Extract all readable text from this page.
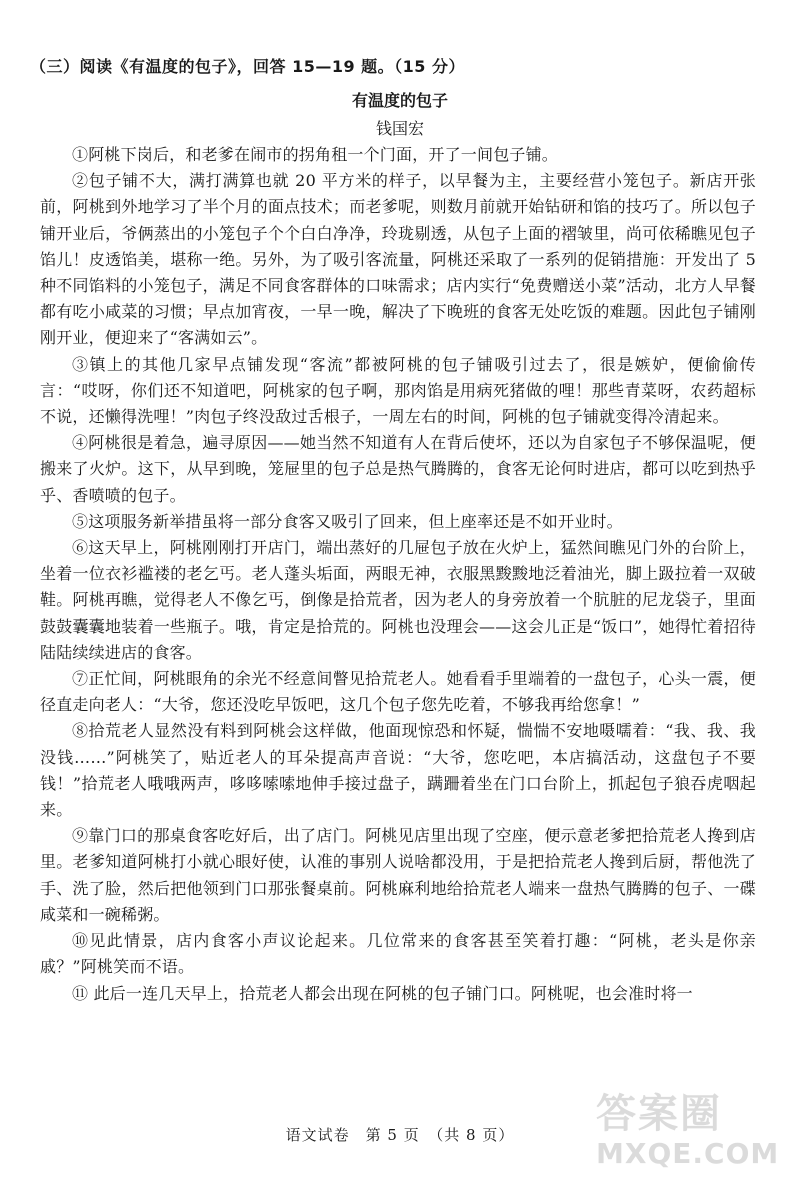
（三）阅读《有温度的包子》，回答 15—19 题。（15 分）
有温度的包子
钱国宏

①阿桃下岗后，和老爹在闹市的拐角租一个门面，开了一间包子铺。

②包子铺不大，满打满算也就 20 平方米的样子，以早餐为主，主要经营小笼包子。新店开张前，阿桃到外地学习了半个月的面点技术；而老爹呢，则数月前就开始钻研和馅的技巧了。所以包子铺开业后，爷俩蒸出的小笼包子个个白白净净，玲珑剔透，从包子上面的褶皱里，尚可依稀瞧见包子馅儿！皮透馅美，堪称一绝。另外，为了吸引客流量，阿桃还采取了一系列的促销措施：开发出了 5 种不同馅料的小笼包子，满足不同食客群体的口味需求；店内实行“免费赠送小菜”活动，北方人早餐都有吃小咸菜的习惯；早点加宵夜，一早一晚，解决了下晚班的食客无处吃饭的难题。因此包子铺刚刚开业，便迎来了“客满如云”。

③镇上的其他几家早点铺发现“客流”都被阿桃的包子铺吸引过去了，很是嫉妒，便偷偷传言：“哎呀，你们还不知道吧，阿桃家的包子啊，那肉馅是用病死猪做的哩！那些青菜呀，农药超标不说，还懒得洗哩！”肉包子终没敌过舌根子，一周左右的时间，阿桃的包子铺就变得冷清起来。

④阿桃很是着急，遍寻原因——她当然不知道有人在背后使坏，还以为自家包子不够保温呢，便搬来了火炉。这下，从早到晚，笼屉里的包子总是热气腾腾的，食客无论何时进店，都可以吃到热乎乎、香喷喷的包子。

⑤这项服务新举措虽将一部分食客又吸引了回来，但上座率还是不如开业时。

⑥这天早上，阿桃刚刚打开店门，端出蒸好的几屉包子放在火炉上，猛然间瞧见门外的台阶上，坐着一位衣衫褴褛的老乞丐。老人蓬头垢面，两眼无神，衣服黑黢黢地泛着油光，脚上趿拉着一双破鞋。阿桃再瞧，觉得老人不像乞丐，倒像是拾荒者，因为老人的身旁放着一个肮脏的尼龙袋子，里面鼓鼓囊囊地装着一些瓶子。哦，肯定是拾荒的。阿桃也没理会——这会儿正是“饭口”，她得忙着招待陆陆续续进店的食客。

⑦正忙间，阿桃眼角的余光不经意间瞥见拾荒老人。她看看手里端着的一盘包子，心头一震，便径直走向老人：“大爷，您还没吃早饭吧，这几个包子您先吃着，不够我再给您拿！”

⑧拾荒老人显然没有料到阿桃会这样做，他面现惊恐和怀疑，惴惴不安地嗫嚅着：“我、我、我没钱……”阿桃笑了，贴近老人的耳朵提高声音说：“大爷，您吃吧，本店搞活动，这盘包子不要钱！”拾荒老人哦哦两声，哆哆嗦嗦地伸手接过盘子，蹒跚着坐在门口台阶上，抓起包子狼吞虎咽起来。

⑨靠门口的那桌食客吃好后，出了店门。阿桃见店里出现了空座，便示意老爹把拾荒老人搀到店里。老爹知道阿桃打小就心眼好使，认准的事别人说啥都没用，于是把拾荒老人搀到后厨，帮他洗了手、洗了脸，然后把他领到门口那张餐桌前。阿桃麻利地给拾荒老人端来一盘热气腾腾的包子、一碟咸菜和一碗稀粥。

⑩见此情景，店内食客小声议论起来。几位常来的食客甚至笑着打趣：“阿桃，老头是你亲戚？”阿桃笑而不语。

⑪ 此后一连几天早上，拾荒老人都会出现在阿桃的包子铺门口。阿桃呢，也会准时将一

语文试卷　第 5 页　（共 8 页）	答案圈
MXQE.COM
